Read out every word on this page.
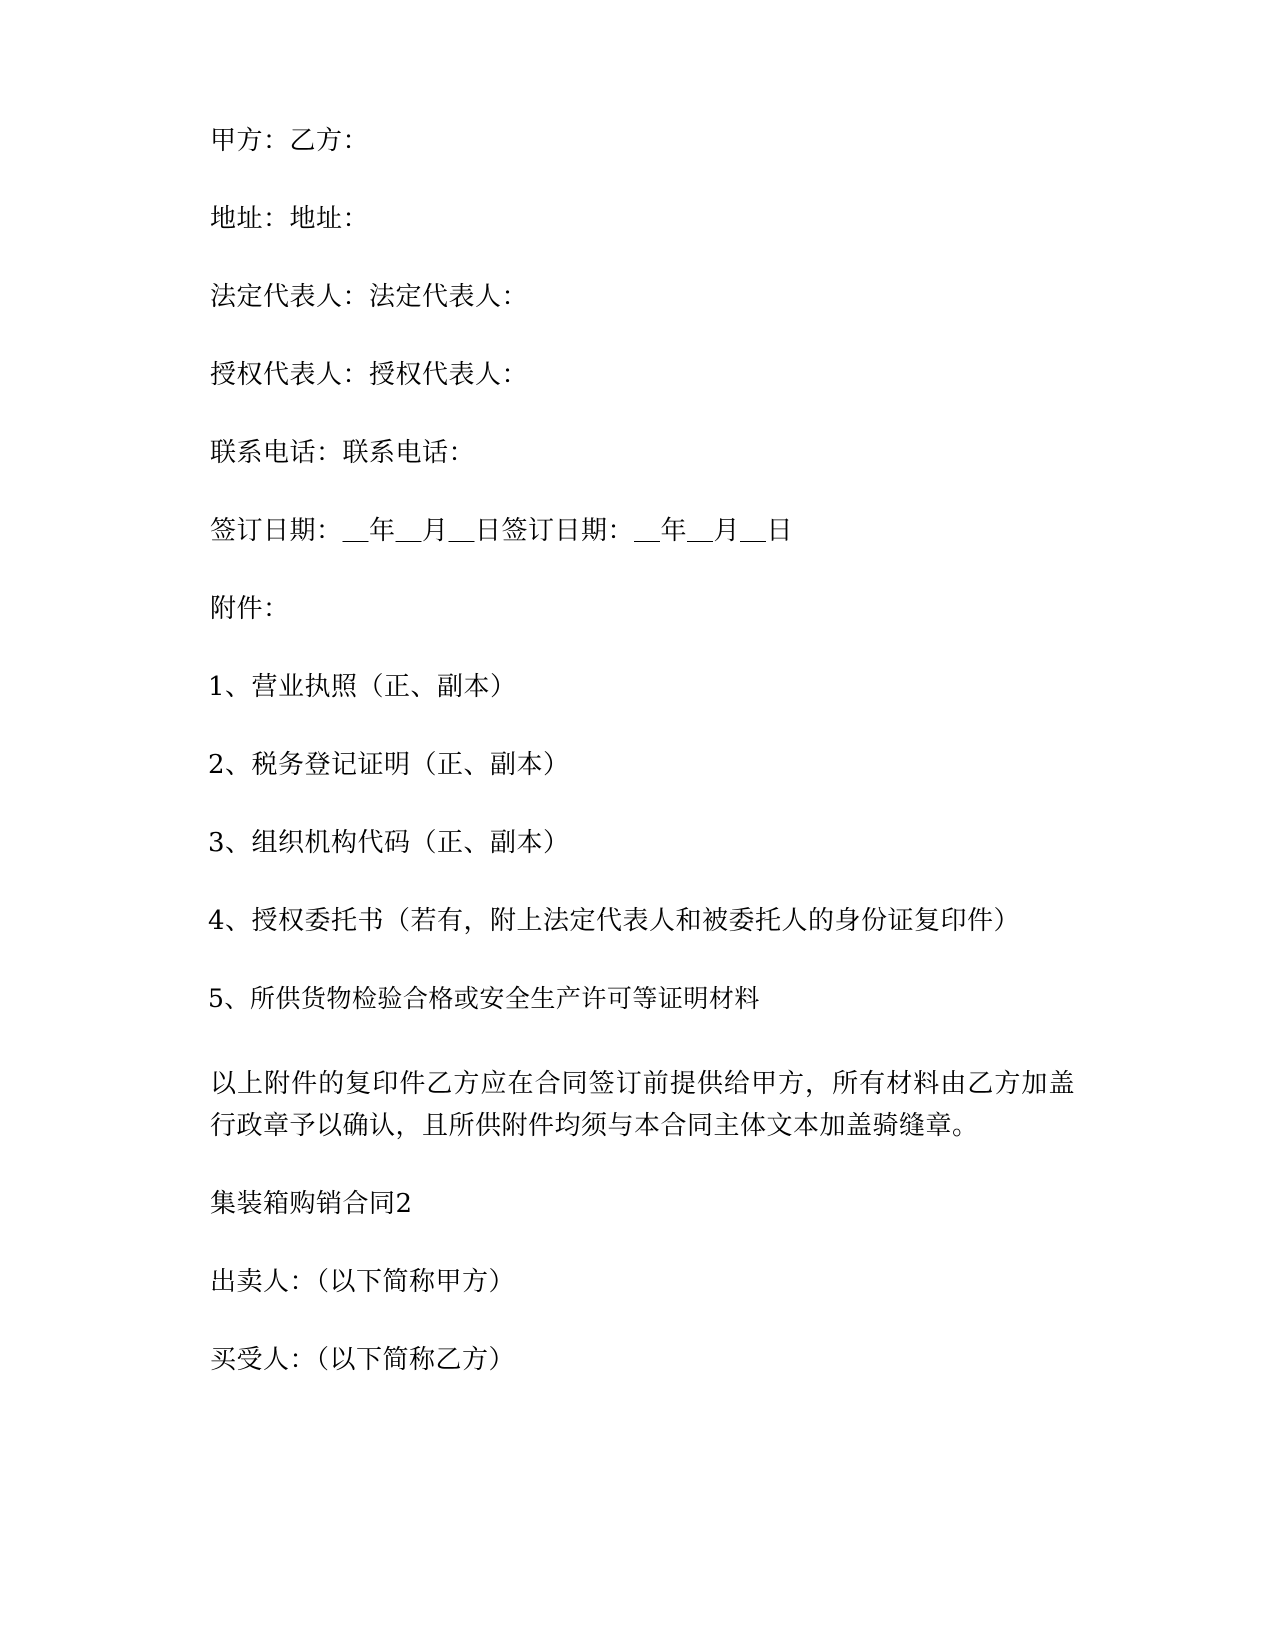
甲方：乙方：

地址：地址：

法定代表人：法定代表人：

授权代表人：授权代表人：

联系电话：联系电话：

签订日期：＿年＿月＿日签订日期：＿年＿月＿日

附件：

1、营业执照（正、副本）

2、税务登记证明（正、副本）

3、组织机构代码（正、副本）

4、授权委托书（若有，附上法定代表人和被委托人的身份证复印件）

5、所供货物检验合格或安全生产许可等证明材料

以上附件的复印件乙方应在合同签订前提供给甲方，所有材料由乙方加盖行政章予以确认，且所供附件均须与本合同主体文本加盖骑缝章。

集装箱购销合同2

出卖人：（以下简称甲方）

买受人：（以下简称乙方）
